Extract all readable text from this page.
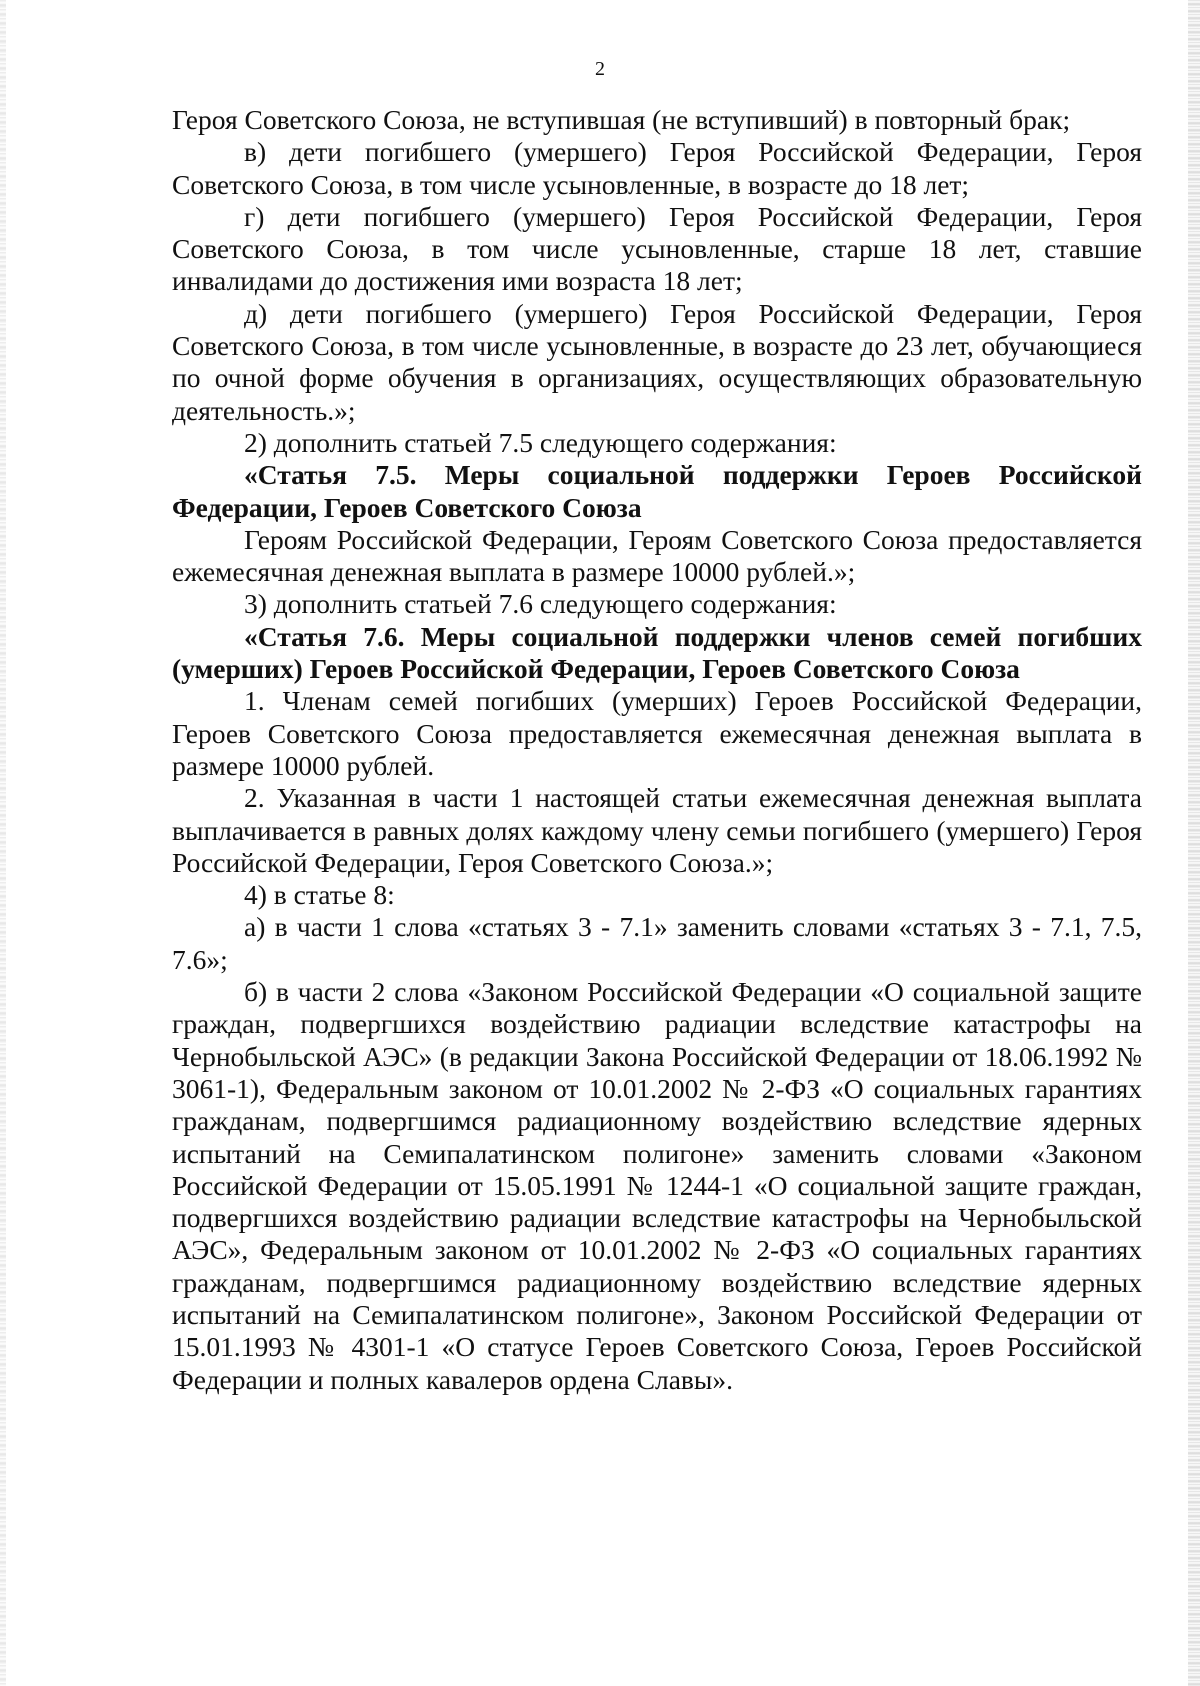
2

Героя Советского Союза, не вступившая (не вступивший) в повторный брак;

в) дети погибшего (умершего) Героя Российской Федерации, Героя Советского Союза, в том числе усыновленные, в возрасте до 18 лет;

г) дети погибшего (умершего) Героя Российской Федерации, Героя Советского Союза, в том числе усыновленные, старше 18 лет, ставшие инвалидами до достижения ими возраста 18 лет;

д) дети погибшего (умершего) Героя Российской Федерации, Героя Советского Союза, в том числе усыновленные, в возрасте до 23 лет, обучающиеся по очной форме обучения в организациях, осуществляющих образовательную деятельность.»;

2) дополнить статьей 7.5 следующего содержания:

«Статья 7.5. Меры социальной поддержки Героев Российской Федерации, Героев Советского Союза

Героям Российской Федерации, Героям Советского Союза предоставляется ежемесячная денежная выплата в размере 10000 рублей.»;

3) дополнить статьей 7.6 следующего содержания:

«Статья 7.6. Меры социальной поддержки членов семей погибших (умерших) Героев Российской Федерации, Героев Советского Союза

1. Членам семей погибших (умерших) Героев Российской Федерации, Героев Советского Союза предоставляется ежемесячная денежная выплата в размере 10000 рублей.

2. Указанная в части 1 настоящей статьи ежемесячная денежная выплата выплачивается в равных долях каждому члену семьи погибшего (умершего) Героя Российской Федерации, Героя Советского Союза.»;

4) в статье 8:

а) в части 1 слова «статьях 3 - 7.1» заменить словами «статьях 3 - 7.1, 7.5, 7.6»;

б) в части 2 слова «Законом Российской Федерации «О социальной защите граждан, подвергшихся воздействию радиации вследствие катастрофы на Чернобыльской АЭС» (в редакции Закона Российской Федерации от 18.06.1992 № 3061-1), Федеральным законом от 10.01.2002 № 2-ФЗ «О социальных гарантиях гражданам, подвергшимся радиационному воздействию вследствие ядерных испытаний на Семипалатинском полигоне» заменить словами «Законом Российской Федерации от 15.05.1991 № 1244-1 «О социальной защите граждан, подвергшихся воздействию радиации вследствие катастрофы на Чернобыльской АЭС», Федеральным законом от 10.01.2002 № 2-ФЗ «О социальных гарантиях гражданам, подвергшимся радиационному воздействию вследствие ядерных испытаний на Семипалатинском полигоне», Законом Российской Федерации от 15.01.1993 № 4301-1 «О статусе Героев Советского Союза, Героев Российской Федерации и полных кавалеров ордена Славы».
